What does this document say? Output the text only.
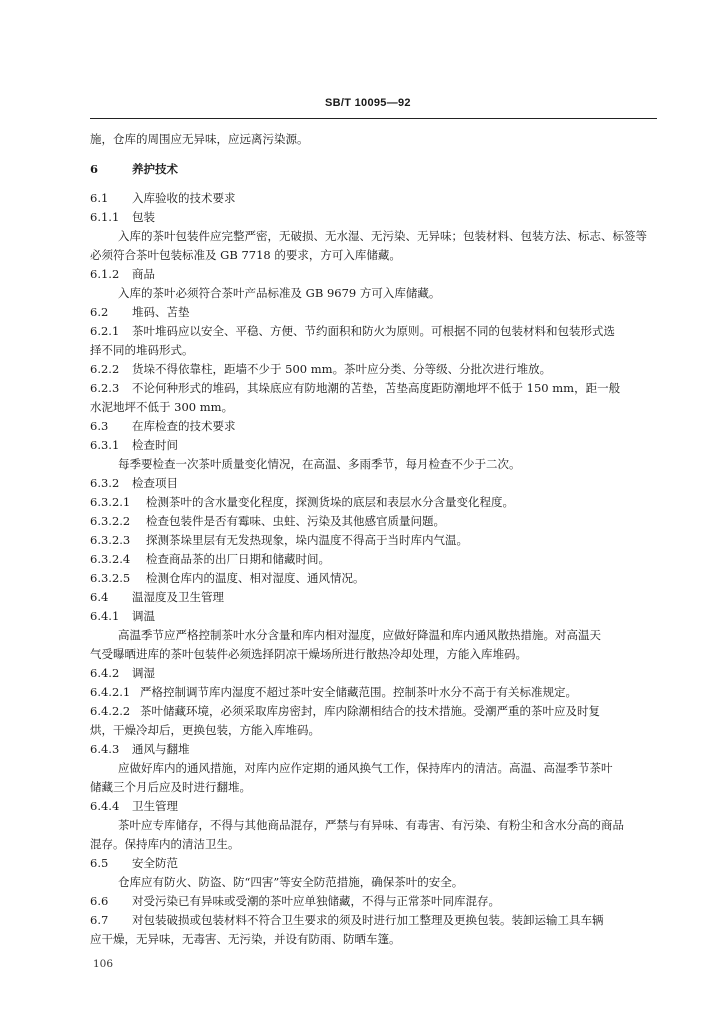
SB/T 10095—92
施，仓库的周围应无异味，应远离污染源。
6	养护技术
6.1 入库验收的技术要求
6.1.1 包装
入库的茶叶包装件应完整严密，无破损、无水湿、无污染、无异味；包装材料、包装方法、标志、标签等
必须符合茶叶包装标准及 GB 7718 的要求，方可入库储藏。
6.1.2 商品
入库的茶叶必须符合茶叶产品标准及 GB 9679 方可入库储藏。
6.2 堆码、苫垫
6.2.1 茶叶堆码应以安全、平稳、方便、节约面积和防火为原则。可根据不同的包装材料和包装形式选
择不同的堆码形式。
6.2.2 货垛不得依靠柱，距墙不少于 500 mm。茶叶应分类、分等级、分批次进行堆放。
6.2.3 不论何种形式的堆码，其垛底应有防地潮的苫垫，苫垫高度距防潮地坪不低于 150 mm，距一般
水泥地坪不低于 300 mm。
6.3 在库检查的技术要求
6.3.1 检查时间
每季要检查一次茶叶质量变化情况，在高温、多雨季节，每月检查不少于二次。
6.3.2 检查项目
6.3.2.1 检测茶叶的含水量变化程度，探测货垛的底层和表层水分含量变化程度。
6.3.2.2 检查包装件是否有霉味、虫蛀、污染及其他感官质量问题。
6.3.2.3 探测茶垛里层有无发热现象，垛内温度不得高于当时库内气温。
6.3.2.4 检查商品茶的出厂日期和储藏时间。
6.3.2.5 检测仓库内的温度、相对湿度、通风情况。
6.4 温湿度及卫生管理
6.4.1 调温
高温季节应严格控制茶叶水分含量和库内相对湿度，应做好降温和库内通风散热措施。对高温天
气受曝晒进库的茶叶包装件必须选择阴凉干燥场所进行散热冷却处理，方能入库堆码。
6.4.2 调湿
6.4.2.1 严格控制调节库内湿度不超过茶叶安全储藏范围。控制茶叶水分不高于有关标准规定。
6.4.2.2 茶叶储藏环境，必须采取库房密封，库内除潮相结合的技术措施。受潮严重的茶叶应及时复
烘，干燥冷却后，更换包装，方能入库堆码。
6.4.3 通风与翻堆
应做好库内的通风措施，对库内应作定期的通风换气工作，保持库内的清洁。高温、高湿季节茶叶
储藏三个月后应及时进行翻堆。
6.4.4 卫生管理
茶叶应专库储存，不得与其他商品混存，严禁与有异味、有毒害、有污染、有粉尘和含水分高的商品
混存。保持库内的清洁卫生。
6.5 安全防范
仓库应有防火、防盗、防“四害”等安全防范措施，确保茶叶的安全。
6.6 对受污染已有异味或受潮的茶叶应单独储藏，不得与正常茶叶同库混存。
6.7 对包装破损或包装材料不符合卫生要求的须及时进行加工整理及更换包装。装卸运输工具车辆
应干燥，无异味，无毒害、无污染，并设有防雨、防晒车篷。
106
